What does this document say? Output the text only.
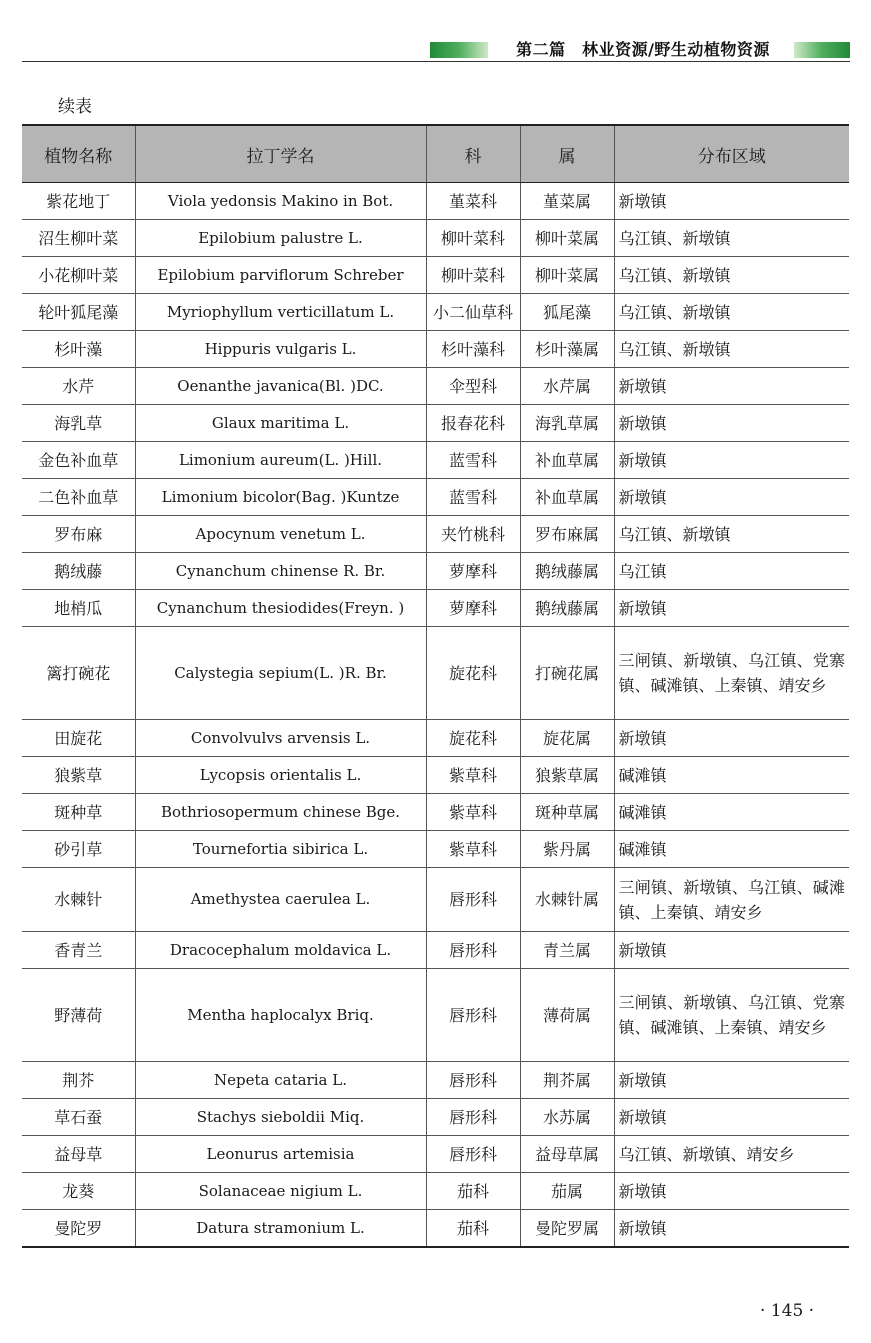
第二篇　林业资源/野生动植物资源
续表
植物名称	拉丁学名	科	属	分布区域
紫花地丁	Viola yedonsis Makino in Bot.	堇菜科	堇菜属	新墩镇
沼生柳叶菜	Epilobium palustre L.	柳叶菜科	柳叶菜属	乌江镇、新墩镇
小花柳叶菜	Epilobium parviflorum Schreber	柳叶菜科	柳叶菜属	乌江镇、新墩镇
轮叶狐尾藻	Myriophyllum verticillatum L.	小二仙草科	狐尾藻	乌江镇、新墩镇
杉叶藻	Hippuris vulgaris L.	杉叶藻科	杉叶藻属	乌江镇、新墩镇
水芹	Oenanthe javanica(Bl. )DC.	伞型科	水芹属	新墩镇
海乳草	Glaux maritima L.	报春花科	海乳草属	新墩镇
金色补血草	Limonium aureum(L. )Hill.	蓝雪科	补血草属	新墩镇
二色补血草	Limonium bicolor(Bag. )Kuntze	蓝雪科	补血草属	新墩镇
罗布麻	Apocynum venetum L.	夹竹桃科	罗布麻属	乌江镇、新墩镇
鹅绒藤	Cynanchum chinense R. Br.	萝摩科	鹅绒藤属	乌江镇
地梢瓜	Cynanchum thesiodides(Freyn. )	萝摩科	鹅绒藤属	新墩镇
篱打碗花	Calystegia sepium(L. )R. Br.	旋花科	打碗花属	三闸镇、新墩镇、乌江镇、党寨镇、碱滩镇、上秦镇、靖安乡
田旋花	Convolvulvs arvensis L.	旋花科	旋花属	新墩镇
狼紫草	Lycopsis orientalis L.	紫草科	狼紫草属	碱滩镇
斑种草	Bothriosopermum chinese Bge.	紫草科	斑种草属	碱滩镇
砂引草	Tournefortia sibirica L.	紫草科	紫丹属	碱滩镇
水棘针	Amethystea caerulea L.	唇形科	水棘针属	三闸镇、新墩镇、乌江镇、碱滩镇、上秦镇、靖安乡
香青兰	Dracocephalum moldavica L.	唇形科	青兰属	新墩镇
野薄荷	Mentha haplocalyx Briq.	唇形科	薄荷属	三闸镇、新墩镇、乌江镇、党寨镇、碱滩镇、上秦镇、靖安乡
荆芥	Nepeta cataria L.	唇形科	荆芥属	新墩镇
草石蚕	Stachys sieboldii Miq.	唇形科	水苏属	新墩镇
益母草	Leonurus artemisia	唇形科	益母草属	乌江镇、新墩镇、靖安乡
龙葵	Solanaceae nigium L.	茄科	茄属	新墩镇
曼陀罗	Datura stramonium L.	茄科	曼陀罗属	新墩镇
· 145 ·
